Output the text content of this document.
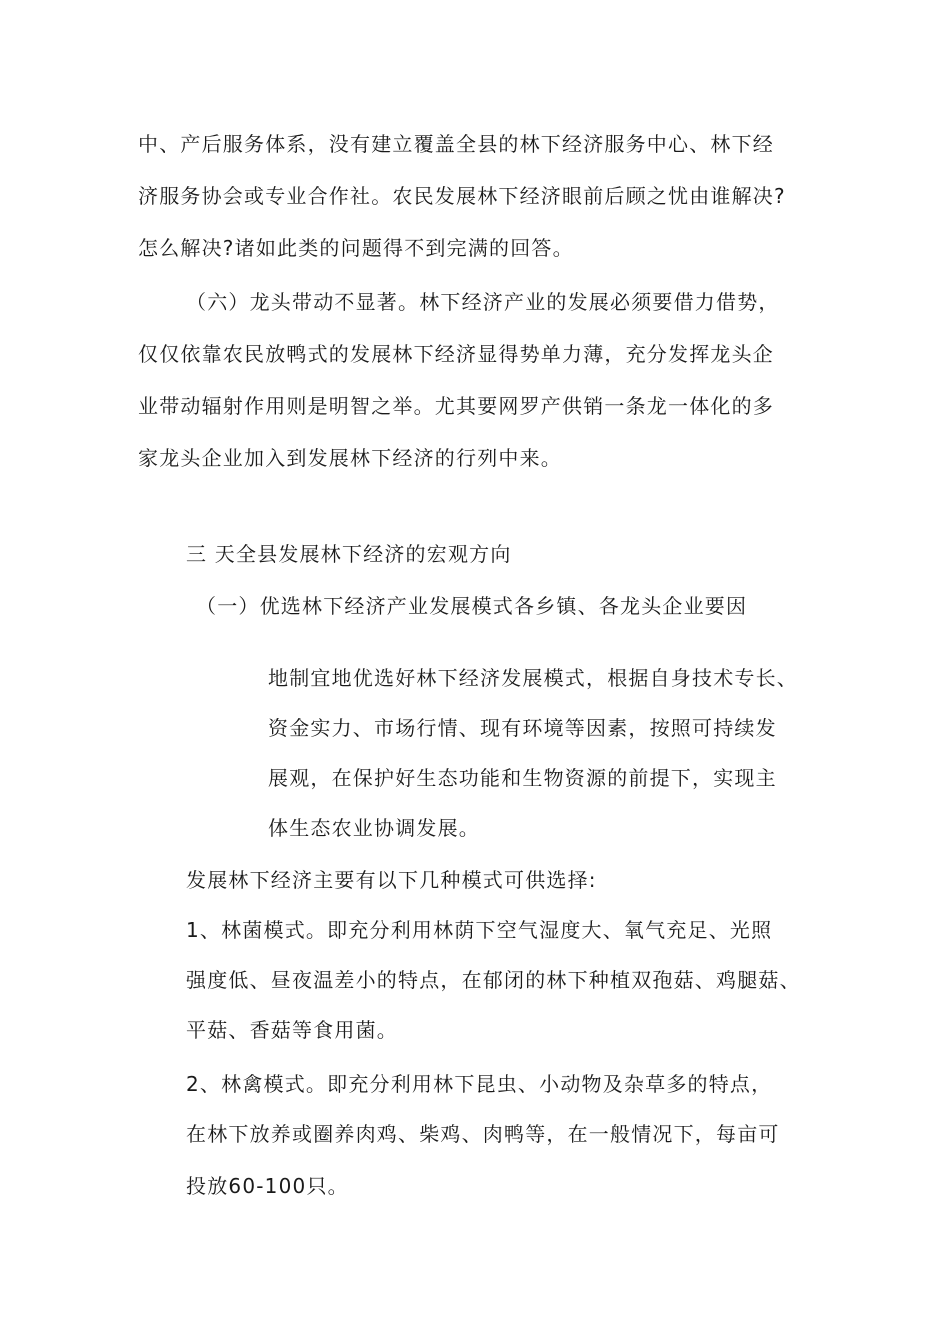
中、产后服务体系，没有建立覆盖全县的林下经济服务中心、林下经
济服务协会或专业合作社。农民发展林下经济眼前后顾之忧由谁解决?
怎么解决?诸如此类的问题得不到完满的回答。
（六）龙头带动不显著。林下经济产业的发展必须要借力借势，
仅仅依靠农民放鸭式的发展林下经济显得势单力薄，充分发挥龙头企
业带动辐射作用则是明智之举。尤其要网罗产供销一条龙一体化的多
家龙头企业加入到发展林下经济的行列中来。
三 天全县发展林下经济的宏观方向
（一）优选林下经济产业发展模式各乡镇、各龙头企业要因
地制宜地优选好林下经济发展模式，根据自身技术专长、
资金实力、市场行情、现有环境等因素，按照可持续发
展观，在保护好生态功能和生物资源的前提下，实现主
体生态农业协调发展。
发展林下经济主要有以下几种模式可供选择:
1、林菌模式。即充分利用林荫下空气湿度大、氧气充足、光照
强度低、昼夜温差小的特点，在郁闭的林下种植双孢菇、鸡腿菇、
平菇、香菇等食用菌。
2、林禽模式。即充分利用林下昆虫、小动物及杂草多的特点，
在林下放养或圈养肉鸡、柴鸡、肉鸭等，在一般情况下，每亩可
投放60-100只。
